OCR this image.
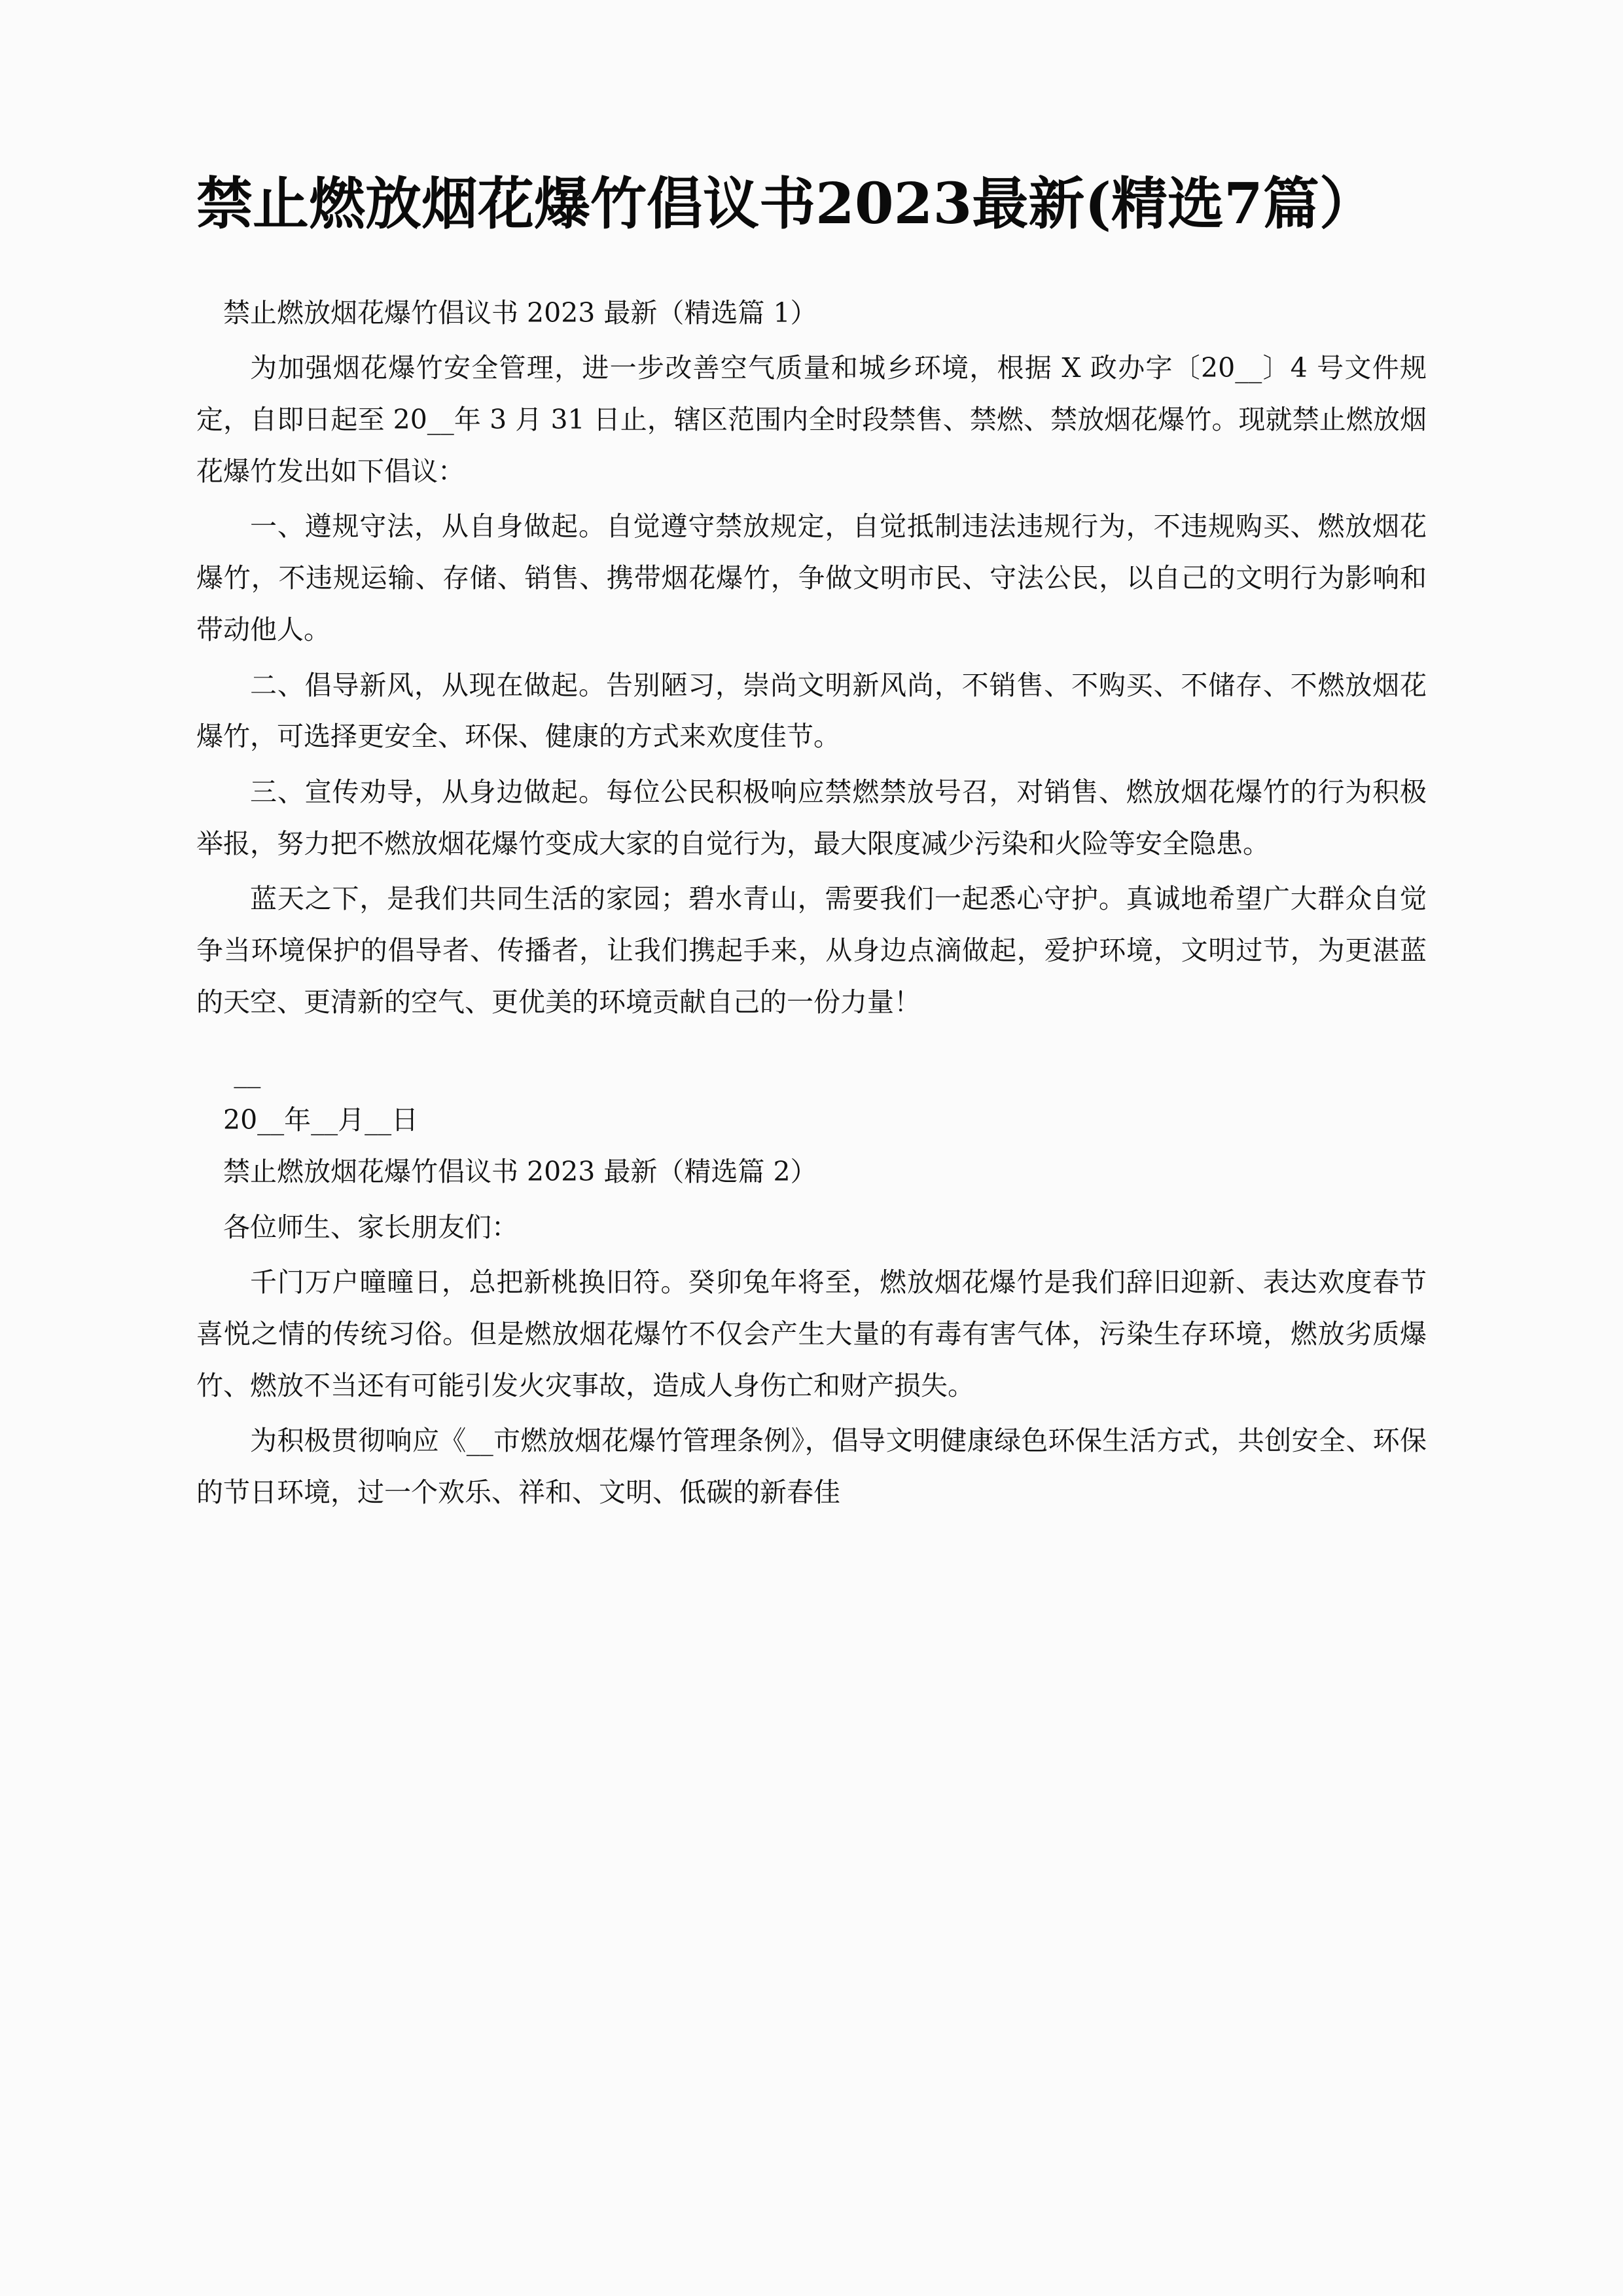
禁止燃放烟花爆竹倡议书2023最新(精选7篇）

禁止燃放烟花爆竹倡议书 2023 最新（精选篇 1）

为加强烟花爆竹安全管理，进一步改善空气质量和城乡环境，根据 X 政办字〔20__〕4 号文件规定，自即日起至 20__年 3 月 31 日止，辖区范围内全时段禁售、禁燃、禁放烟花爆竹。现就禁止燃放烟花爆竹发出如下倡议：

一、遵规守法，从自身做起。自觉遵守禁放规定，自觉抵制违法违规行为，不违规购买、燃放烟花爆竹，不违规运输、存储、销售、携带烟花爆竹，争做文明市民、守法公民，以自己的文明行为影响和带动他人。

二、倡导新风，从现在做起。告别陋习，崇尚文明新风尚，不销售、不购买、不储存、不燃放烟花爆竹，可选择更安全、环保、健康的方式来欢度佳节。

三、宣传劝导，从身边做起。每位公民积极响应禁燃禁放号召，对销售、燃放烟花爆竹的行为积极举报，努力把不燃放烟花爆竹变成大家的自觉行为，最大限度减少污染和火险等安全隐患。

蓝天之下，是我们共同生活的家园；碧水青山，需要我们一起悉心守护。真诚地希望广大群众自觉争当环境保护的倡导者、传播者，让我们携起手来，从身边点滴做起，爱护环境，文明过节，为更湛蓝的天空、更清新的空气、更优美的环境贡献自己的一份力量！

__

20__年__月__日

禁止燃放烟花爆竹倡议书 2023 最新（精选篇 2）

各位师生、家长朋友们：

千门万户曈曈日，总把新桃换旧符。癸卯兔年将至，燃放烟花爆竹是我们辞旧迎新、表达欢度春节喜悦之情的传统习俗。但是燃放烟花爆竹不仅会产生大量的有毒有害气体，污染生存环境，燃放劣质爆竹、燃放不当还有可能引发火灾事故，造成人身伤亡和财产损失。

为积极贯彻响应《__市燃放烟花爆竹管理条例》，倡导文明健康绿色环保生活方式，共创安全、环保的节日环境，过一个欢乐、祥和、文明、低碳的新春佳
